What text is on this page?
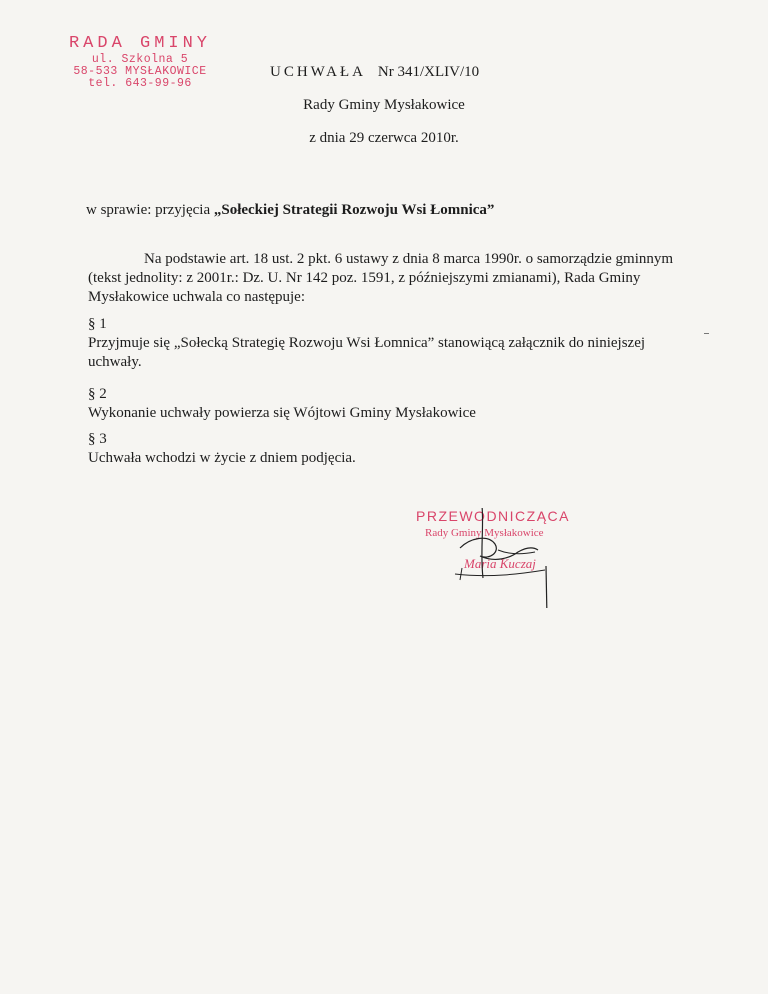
RADA GMINY
ul. Szkolna 5
58-533 MYSŁAKOWICE
tel. 643-99-96
UCHWAŁA Nr 341/XLIV/10
Rady Gminy Mysłakowice
z dnia 29 czerwca 2010r.
w sprawie: przyjęcia „Sołeckiej Strategii Rozwoju Wsi Łomnica”
Na podstawie art. 18 ust. 2 pkt. 6 ustawy z dnia 8 marca 1990r. o samorządzie gminnym (tekst jednolity: z 2001r.: Dz. U. Nr 142 poz. 1591, z późniejszymi zmianami), Rada Gminy Mysłakowice uchwala co następuje:
§ 1
Przyjmuje się „Sołecką Strategię Rozwoju Wsi Łomnica” stanowiącą załącznik do niniejszej uchwały.
§ 2
Wykonanie uchwały powierza się Wójtowi Gminy Mysłakowice
§ 3
Uchwała wchodzi w życie z dniem podjęcia.
PRZEWODNICZĄCA
Rady Gminy Mysłakowice
Maria Kuczaj
